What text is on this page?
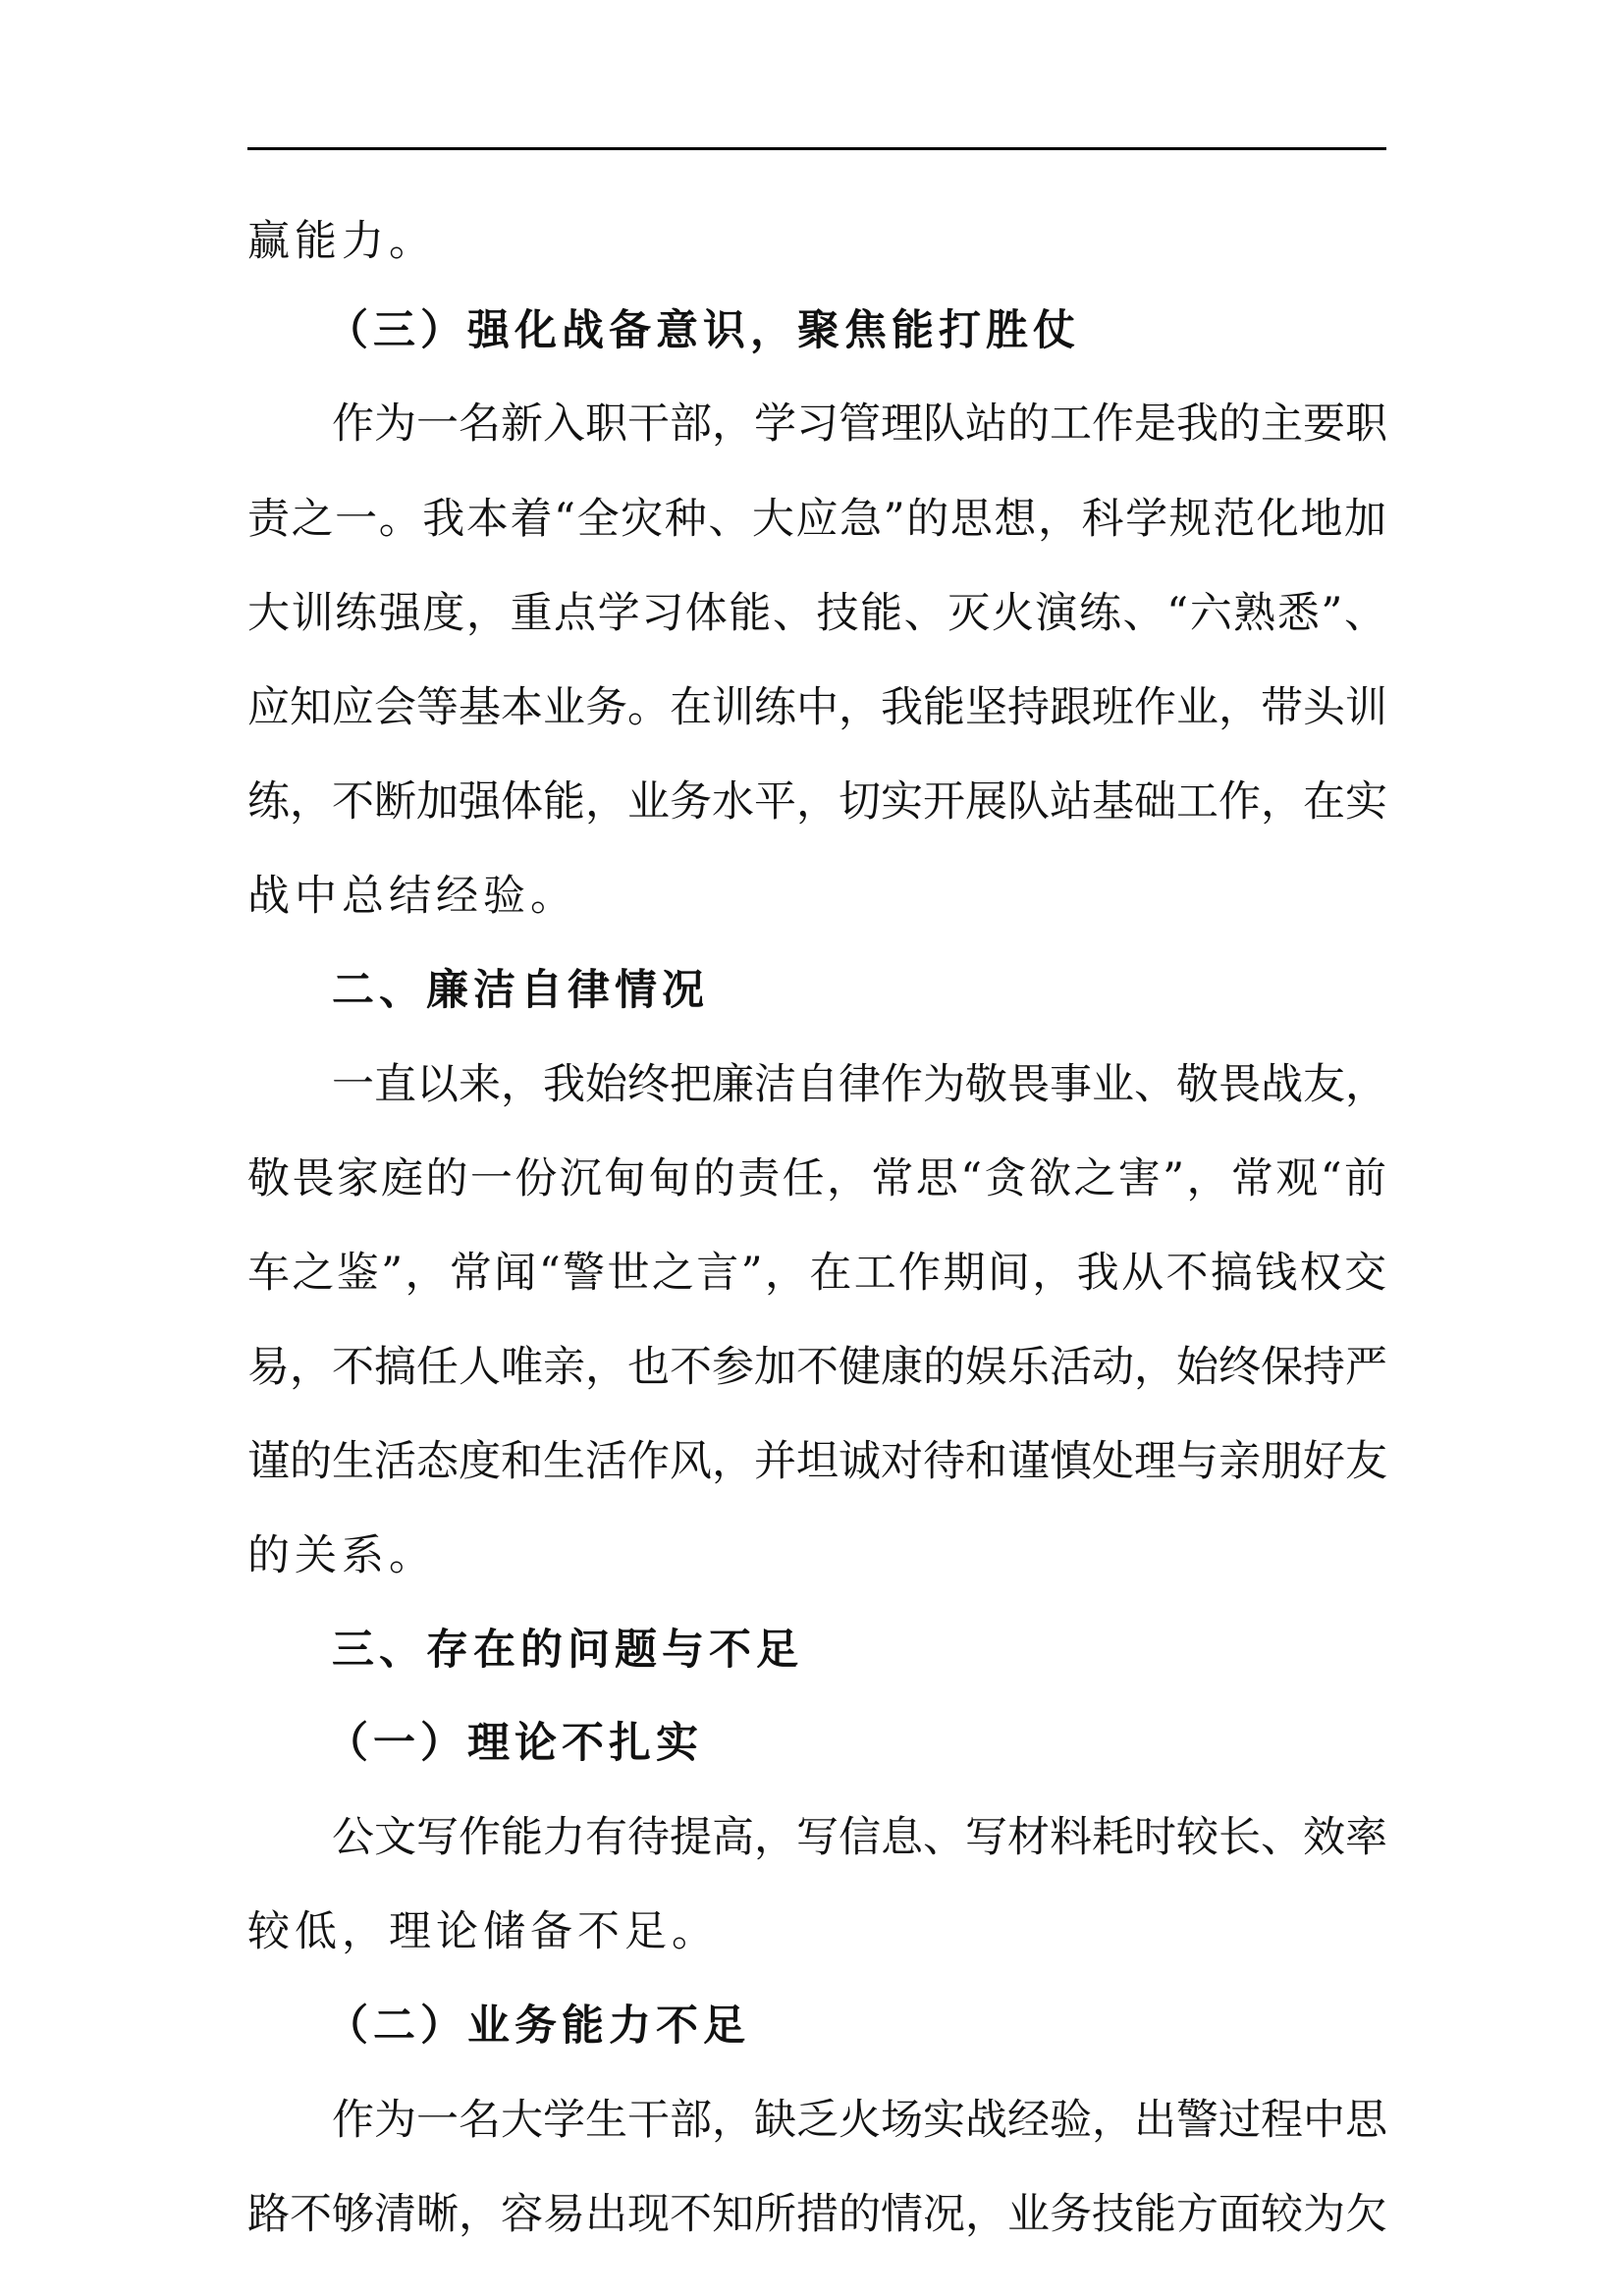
赢能力。

（三）强化战备意识，聚焦能打胜仗

作为一名新入职干部，学习管理队站的工作是我的主要职

责之一。我本着“全灾种、大应急”的思想，科学规范化地加

大训练强度，重点学习体能、技能、灭火演练、“六熟悉”、

应知应会等基本业务。在训练中，我能坚持跟班作业，带头训

练，不断加强体能，业务水平，切实开展队站基础工作，在实

战中总结经验。

二、廉洁自律情况

一直以来，我始终把廉洁自律作为敬畏事业、敬畏战友，

敬畏家庭的一份沉甸甸的责任，常思“贪欲之害”，常观“前

车之鉴”，常闻“警世之言”，在工作期间，我从不搞钱权交

易，不搞任人唯亲，也不参加不健康的娱乐活动，始终保持严

谨的生活态度和生活作风，并坦诚对待和谨慎处理与亲朋好友

的关系。

三、存在的问题与不足

（一）理论不扎实

公文写作能力有待提高，写信息、写材料耗时较长、效率

较低，理论储备不足。

（二）业务能力不足

作为一名大学生干部，缺乏火场实战经验，出警过程中思

路不够清晰，容易出现不知所措的情况，业务技能方面较为欠
